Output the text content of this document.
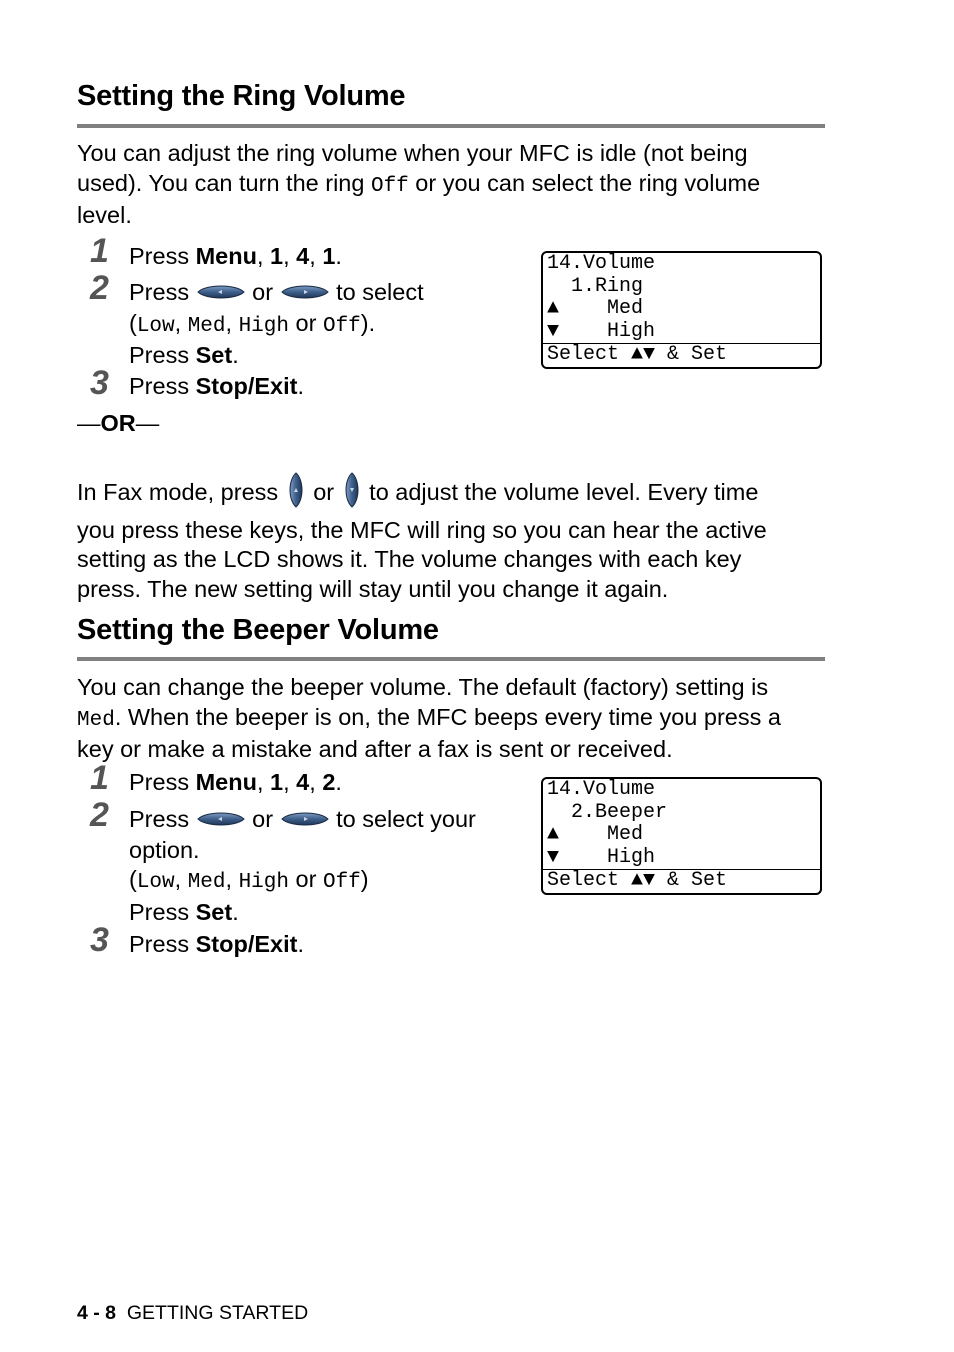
Setting the Ring Volume
You can adjust the ring volume when your MFC is idle (not being
used). You can turn the ring Off or you can select the ring volume
level.
1 Press Menu, 1, 4, 1.
2 Press  or  to select
(Low, Med, High or Off).
Press Set.
3 Press Stop/Exit.
—OR—
14.Volume
1.Ring
▲    Med
▼    High
Select ▲▼ & Set
In Fax mode, press  or  to adjust the volume level. Every time
you press these keys, the MFC will ring so you can hear the active
setting as the LCD shows it. The volume changes with each key
press. The new setting will stay until you change it again.
Setting the Beeper Volume
You can change the beeper volume. The default (factory) setting is
Med. When the beeper is on, the MFC beeps every time you press a
key or make a mistake and after a fax is sent or received.
1 Press Menu, 1, 4, 2.
2 Press  or  to select your
option.
(Low, Med, High or Off)
Press Set.
3 Press Stop/Exit.
14.Volume
2.Beeper
▲    Med
▼    High
Select ▲▼ & Set
4 - 8 GETTING STARTED
